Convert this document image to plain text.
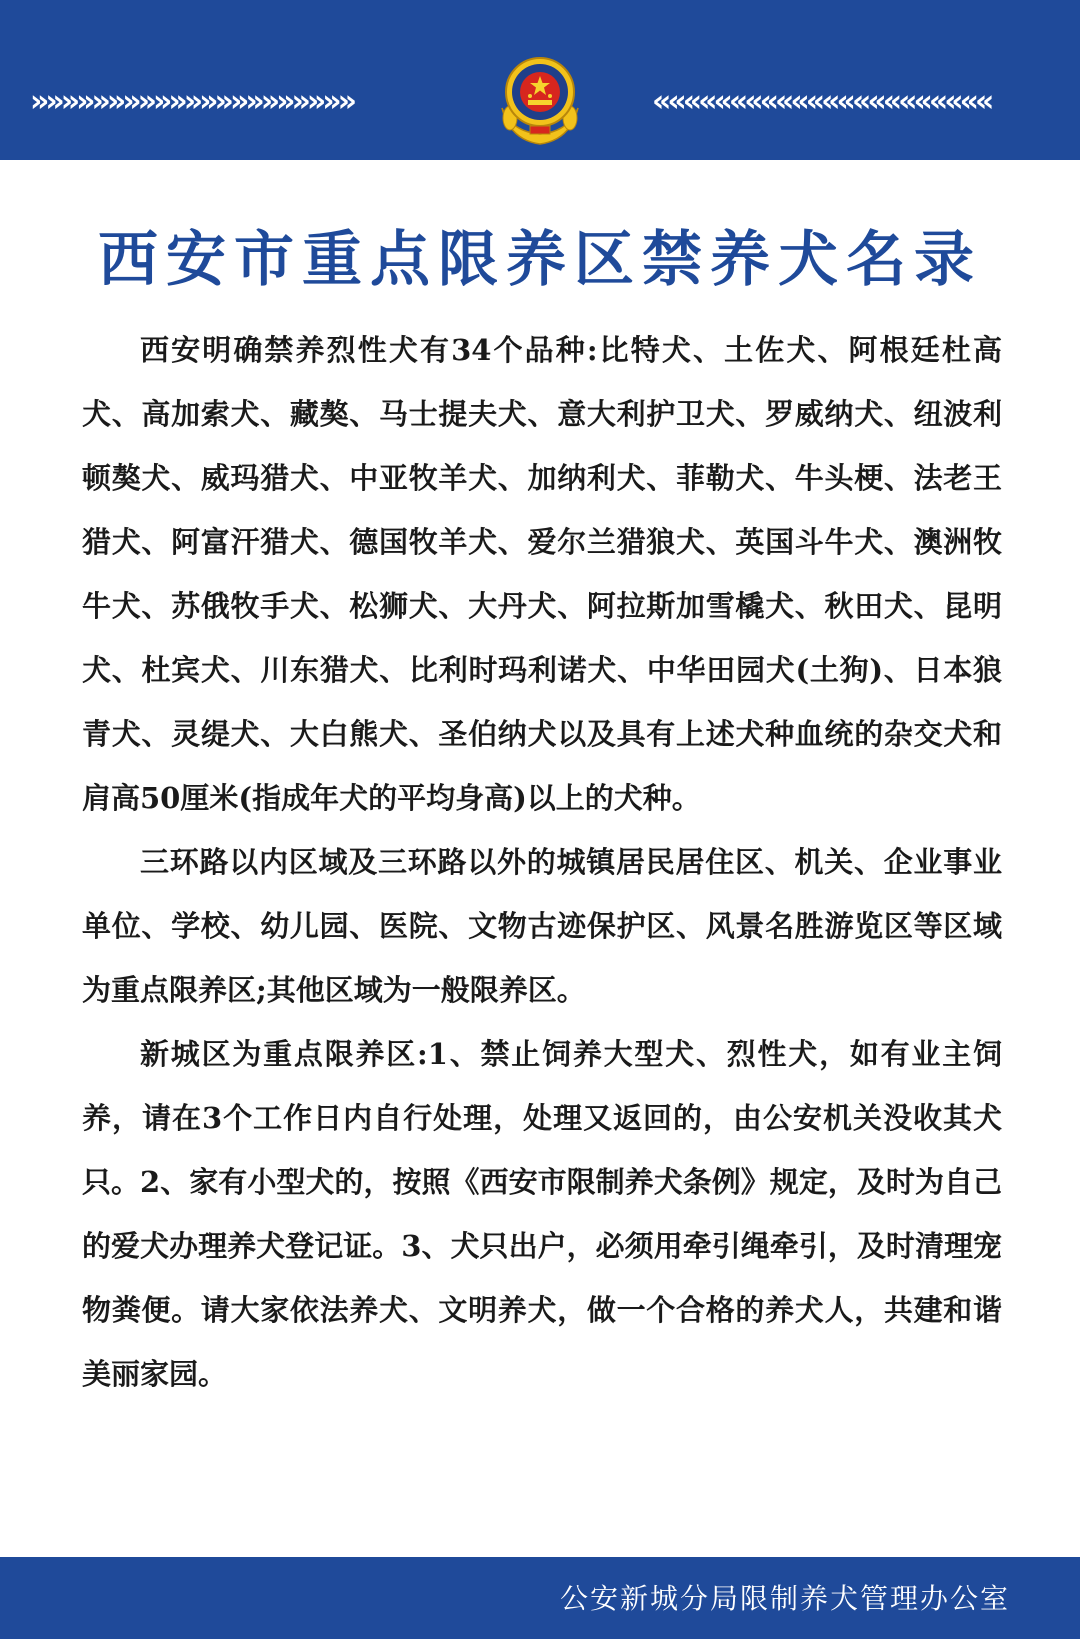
»»»»»»»»»»»»»»»»»»»»»	««««««««««««««««««««««
西安市重点限养区禁养犬名录

西安明确禁养烈性犬有34个品种:比特犬、土佐犬、阿根廷杜高犬、高加索犬、藏獒、马士提夫犬、意大利护卫犬、罗威纳犬、纽波利顿獒犬、威玛猎犬、中亚牧羊犬、加纳利犬、菲勒犬、牛头梗、法老王猎犬、阿富汗猎犬、德国牧羊犬、爱尔兰猎狼犬、英国斗牛犬、澳洲牧牛犬、苏俄牧手犬、松狮犬、大丹犬、阿拉斯加雪橇犬、秋田犬、昆明犬、杜宾犬、川东猎犬、比利时玛利诺犬、中华田园犬(土狗)、日本狼青犬、灵缇犬、大白熊犬、圣伯纳犬以及具有上述犬种血统的杂交犬和肩高50厘米(指成年犬的平均身高)以上的犬种。

三环路以内区域及三环路以外的城镇居民居住区、机关、企业事业单位、学校、幼儿园、医院、文物古迹保护区、风景名胜游览区等区域为重点限养区;其他区域为一般限养区。

新城区为重点限养区:1、禁止饲养大型犬、烈性犬，如有业主饲养，请在3个工作日内自行处理，处理又返回的，由公安机关没收其犬只。2、家有小型犬的，按照《西安市限制养犬条例》规定，及时为自己的爱犬办理养犬登记证。3、犬只出户，必须用牵引绳牵引，及时清理宠物粪便。请大家依法养犬、文明养犬，做一个合格的养犬人，共建和谐美丽家园。

公安新城分局限制养犬管理办公室
